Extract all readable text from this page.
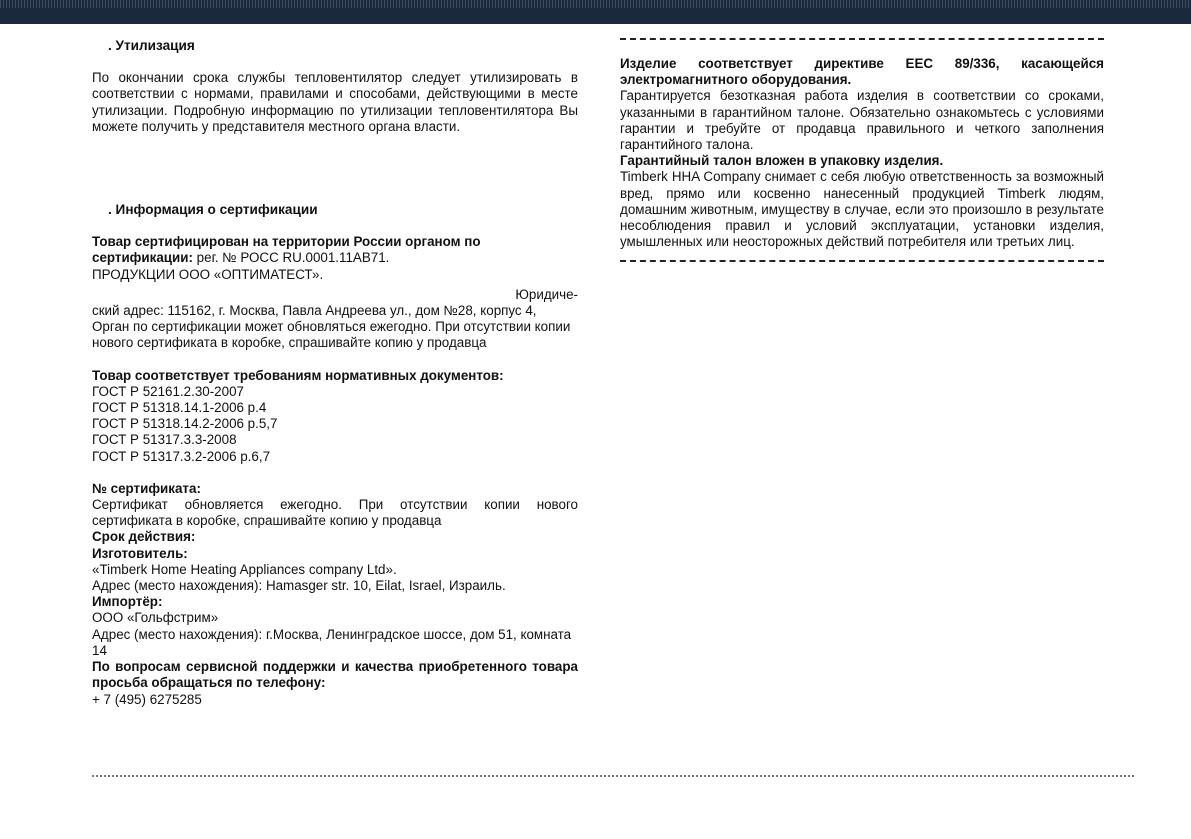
. Утилизация

По окончании срока службы тепловентилятор следует утилизировать в соответствии с нормами, правилами и способами, действующими в месте утилизации. Подробную информацию по утилизации тепловентилятора Вы можете получить у представителя местного органа власти.

. Информация о сертификации

Товар сертифицирован на территории России органом по сертификации: рег. № РОСС RU.0001.11АВ71.

ПРОДУКЦИИ ООО «ОПТИМАТЕСТ».

Юридиче-

ский адрес: 115162, г. Москва, Павла Андреева ул., дом №28, корпус 4,

Орган по сертификации может обновляться ежегодно. При отсутствии копии нового сертификата в коробке, спрашивайте копию у продавца

Товар соответствует требованиям нормативных документов:

ГОСТ Р 52161.2.30-2007

ГОСТ Р 51318.14.1-2006 p.4

ГОСТ Р 51318.14.2-2006 p.5,7

ГОСТ Р 51317.3.3-2008

ГОСТ Р 51317.3.2-2006 p.6,7

№ сертификата:

Сертификат обновляется ежегодно. При отсутствии копии нового сертификата в коробке, спрашивайте копию у продавца

Срок действия:

Изготовитель:

«Timberk Home Heating Appliances company Ltd».

Адрес (место нахождения): Hamasger str. 10, Eilat, Israel, Израиль.

Импортёр:

ООО «Гольфстрим»

Адрес (место нахождения): г.Москва, Ленинградское шоссе, дом 51, комната 14

По вопросам сервисной поддержки и качества приобретенного товара просьба обращаться по телефону:

+ 7 (495) 6275285

Изделие соответствует директиве ЕЕС 89/336, касающейся электромагнитного оборудования.

Гарантируется безотказная работа изделия в соответствии со сроками, указанными в гарантийном талоне. Обязательно ознакомьтесь с условиями гарантии и требуйте от продавца правильного и четкого заполнения гарантийного талона.

Гарантийный талон вложен в упаковку изделия.

Timberk HHA Company снимает с себя любую ответственность за возможный вред, прямо или косвенно нанесенный продукцией Timberk людям, домашним животным, имуществу в случае, если это произошло в результате несоблюдения правил и условий эксплуатации, установки изделия, умышленных или неосторожных действий потребителя или третьих лиц.
